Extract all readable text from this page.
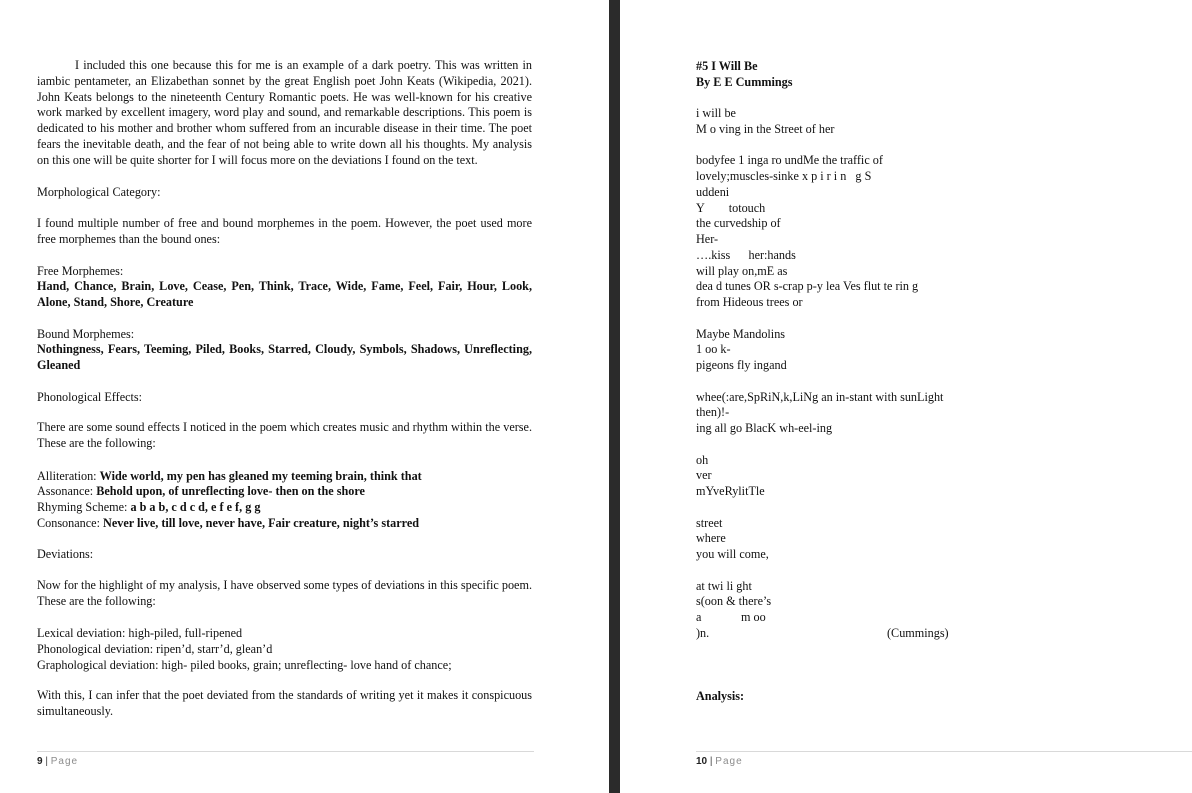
I included this one because this for me is an example of a dark poetry. This was written in iambic pentameter, an Elizabethan sonnet by the great English poet John Keats (Wikipedia, 2021). John Keats belongs to the nineteenth Century Romantic poets. He was well-known for his creative work marked by excellent imagery, word play and sound, and remarkable descriptions. This poem is dedicated to his mother and brother whom suffered from an incurable disease in their time. The poet fears the inevitable death, and the fear of not being able to write down all his thoughts. My analysis on this one will be quite shorter for I will focus more on the deviations I found on the text.

Morphological Category:

I found multiple number of free and bound morphemes in the poem. However, the poet used more free morphemes than the bound ones:

Free Morphemes:

Hand, Chance, Brain, Love, Cease, Pen, Think, Trace, Wide, Fame, Feel, Fair, Hour, Look, Alone, Stand, Shore, Creature

Bound Morphemes:

Nothingness, Fears, Teeming, Piled, Books, Starred, Cloudy, Symbols, Shadows, Unreflecting, Gleaned

Phonological Effects:

There are some sound effects I noticed in the poem which creates music and rhythm within the verse. These are the following:

Alliteration: Wide world, my pen has gleaned my teeming brain, think that

Assonance: Behold upon, of unreflecting love- then on the shore

Rhyming Scheme: a b a b, c d c d, e f e f, g g

Consonance: Never live, till love, never have, Fair creature, night’s starred

Deviations:

Now for the highlight of my analysis, I have observed some types of deviations in this specific poem. These are the following:

Lexical deviation: high-piled, full-ripened

Phonological deviation: ripen’d, starr’d, glean’d

Graphological deviation: high- piled books, grain; unreflecting- love hand of chance;

With this, I can infer that the poet deviated from the standards of writing yet it makes it conspicuous simultaneously.

9 | Page

#5 I Will Be

By E E Cummings

i will be

M o ving in the Street of her

bodyfee 1 inga ro undMe the traffic of

lovely;muscles-sinke x p i r i n   g S

uddeni

Y        totouch

the curvedship of

Her-

….kiss      her:hands

will play on,mE as

dea d tunes OR s-crap p-y lea Ves flut te rin g

from Hideous trees or

Maybe Mandolins

1 oo k-

pigeons fly ingand

whee(:are,SpRiN,k,LiNg an in-stant with sunLight

then)!-

ing all go BlacK wh-eel-ing

oh

ver

mYveRylitTle

street

where

you will come,

at twi li ght

s(oon & there’s

a             m oo

)n.	(Cummings)

Analysis:

10 | Page
